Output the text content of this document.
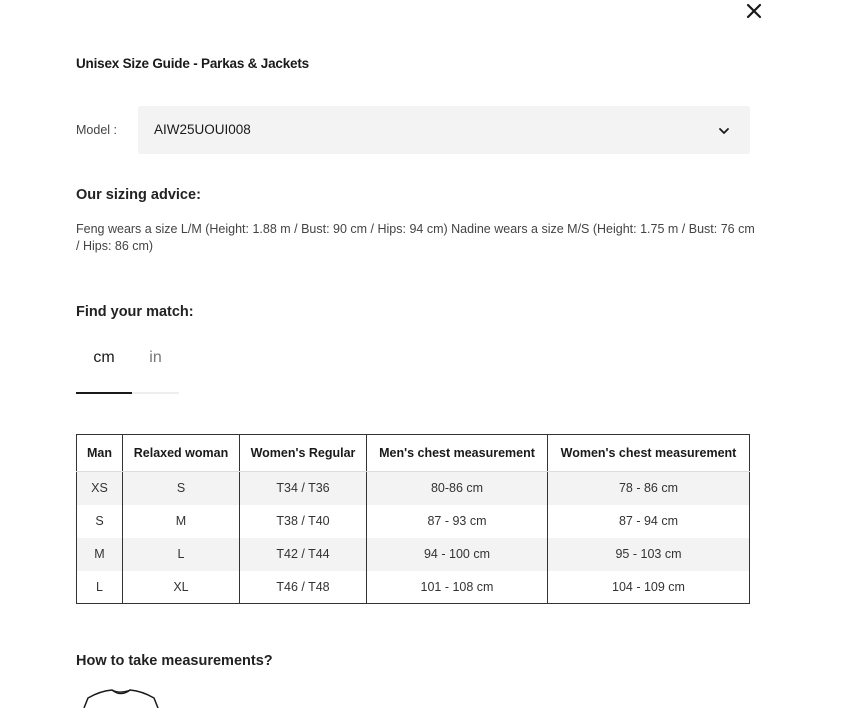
Unisex Size Guide - Parkas & Jackets
Model :	AIW25UOUI008
Our sizing advice:
Feng wears a size L/M (Height: 1.88 m / Bust: 90 cm / Hips: 94 cm) Nadine wears a size M/S (Height: 1.75 m / Bust: 76 cm / Hips: 86 cm)
Find your match:
cm	in
Man	Relaxed woman	Women's Regular	Men's chest measurement	Women's chest measurement
XS	S	T34 / T36	80-86 cm	78 - 86 cm
S	M	T38 / T40	87 - 93 cm	87 - 94 cm
M	L	T42 / T44	94 - 100 cm	95 - 103 cm
L	XL	T46 / T48	101 - 108 cm	104 - 109 cm
How to take measurements?
